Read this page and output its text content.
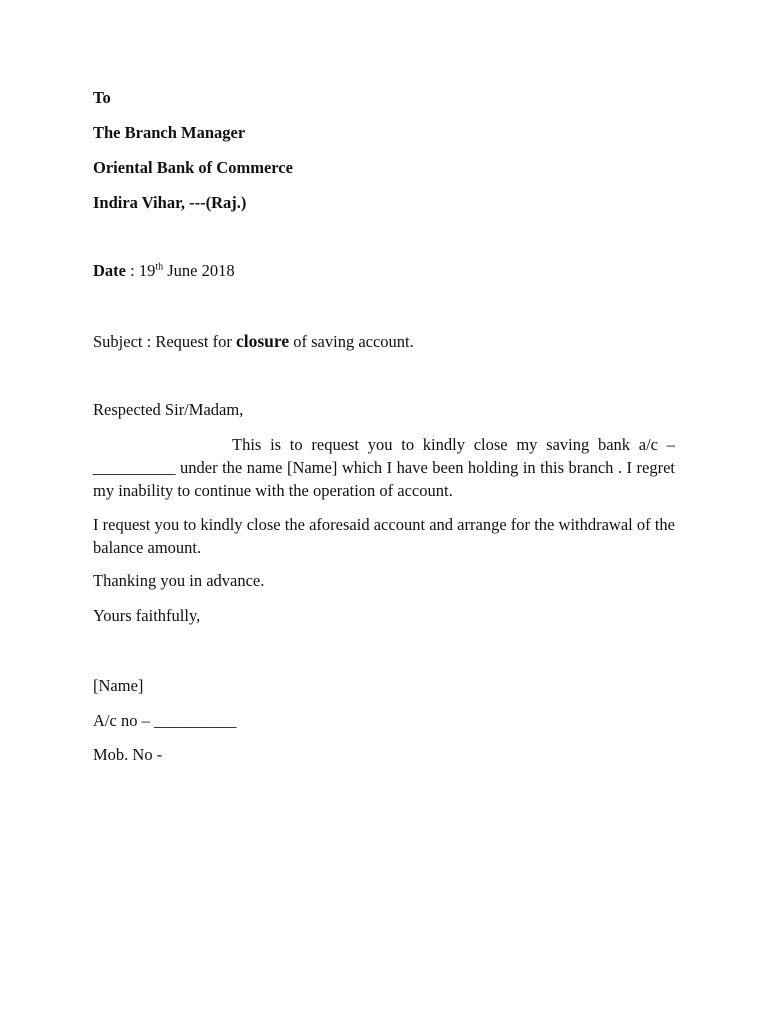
To
The Branch Manager
Oriental Bank of Commerce
Indira Vihar, ---(Raj.)
Date : 19th June 2018
Subject : Request for closure of saving account.
Respected Sir/Madam,
This is to request you to kindly close my saving bank a/c – __________ under the name [Name] which I have been holding in this branch . I regret my inability to continue with the operation of account.
I request you to kindly close the aforesaid account and arrange for the withdrawal of the balance amount.
Thanking you in advance.
Yours faithfully,
[Name]
A/c no – __________
Mob. No -
